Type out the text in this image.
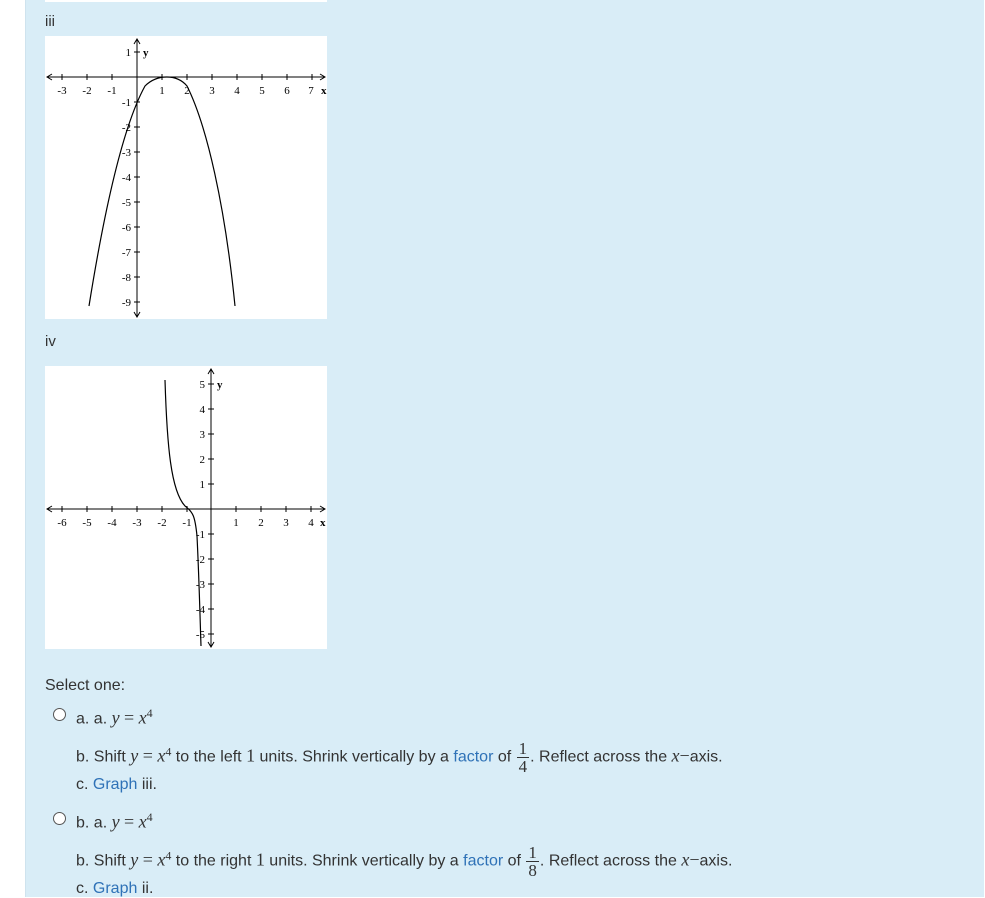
iii
-3 -2 -1	1 2 3 4 5 6 7 x
1 y
-1
-2
-3
-4
-5
-6
-7
-8
-9
iv
-6 -5 -4 -3 -2 -1	1 2 3 4 x
5 y
4
3
2
1
-1
-2
-3
-4
-5
Select one:
a. a. $y = x^4$
b. Shift $y = x^4$ to the left 1 units. Shrink vertically by a factor of $\frac{1}{4}$ . Reflect across the x−axis.
c. Graph iii.
b. a. $y = x^4$
b. Shift $y = x^4$ to the right 1 units. Shrink vertically by a factor of $\frac{1}{8}$ . Reflect across the x−axis.
c. Graph ii.
